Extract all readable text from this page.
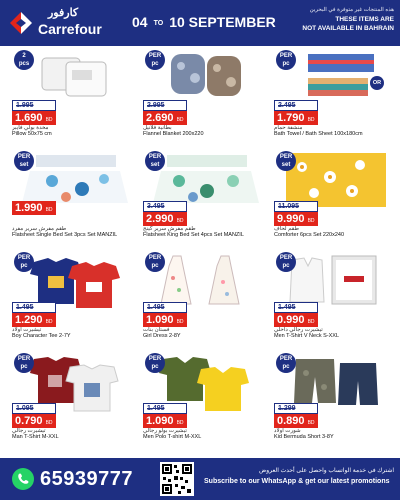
كارفور
Carrefour 04 TO 10 SEPTEMBER
هذه المنتجات غير متوفرة في البحرين
THESE ITEMS ARE
NOT AVAILABLE IN BAHRAIN
2
pcs
1.995
1.690 BD
مخدة بولي فايبر
Pillow 50x75 cm
PER
pc
2.995
2.690 BD
بطانية فلانيل
Flannel Blanket 200x220
PER
pc
OR
2.495
1.790 BD
منشفة حمام
Bath Towel / Bath Sheet 100x180cm
PER
set
1.990 BD
طقم مفرش سرير مفرد
Flatsheet Single Bed Set 3pcs Set MANZIL
PER
set
3.495
2.990 BD
طقم مفرش سرير كينج
Flatsheet King Bed Set 4pcs Set MANZIL
PER
set
11.095
9.990 BD
طقم لحاف
Comforter 6pcs Set 220x240
PER
pc
1.495
1.290 BD
تيشيرت أولاد
Boy Character Tee 2-7Y
PER
pc
1.495
1.090 BD
فستان بنات
Girl Dress 2-8Y
PER
pc
1.495
0.990 BD
تيشيرت رجالي داخلي
Men T-Shirt V Neck S-XXL
PER
pc
1.095
0.790 BD
تيشيرت رجالي
Man T-Shirt M-XXL
PER
pc
1.495
1.090 BD
تيشيرت بولو رجالي
Men Polo T-shirt M-XXL
PER
pc
1.299
0.890 BD
شورت أولاد
Kid Bermuda Short 3-8Y
65939777	اشترك في خدمة الواتساب واحصل على أحدث العروض
Subscribe to our WhatsApp & get our latest promotions
